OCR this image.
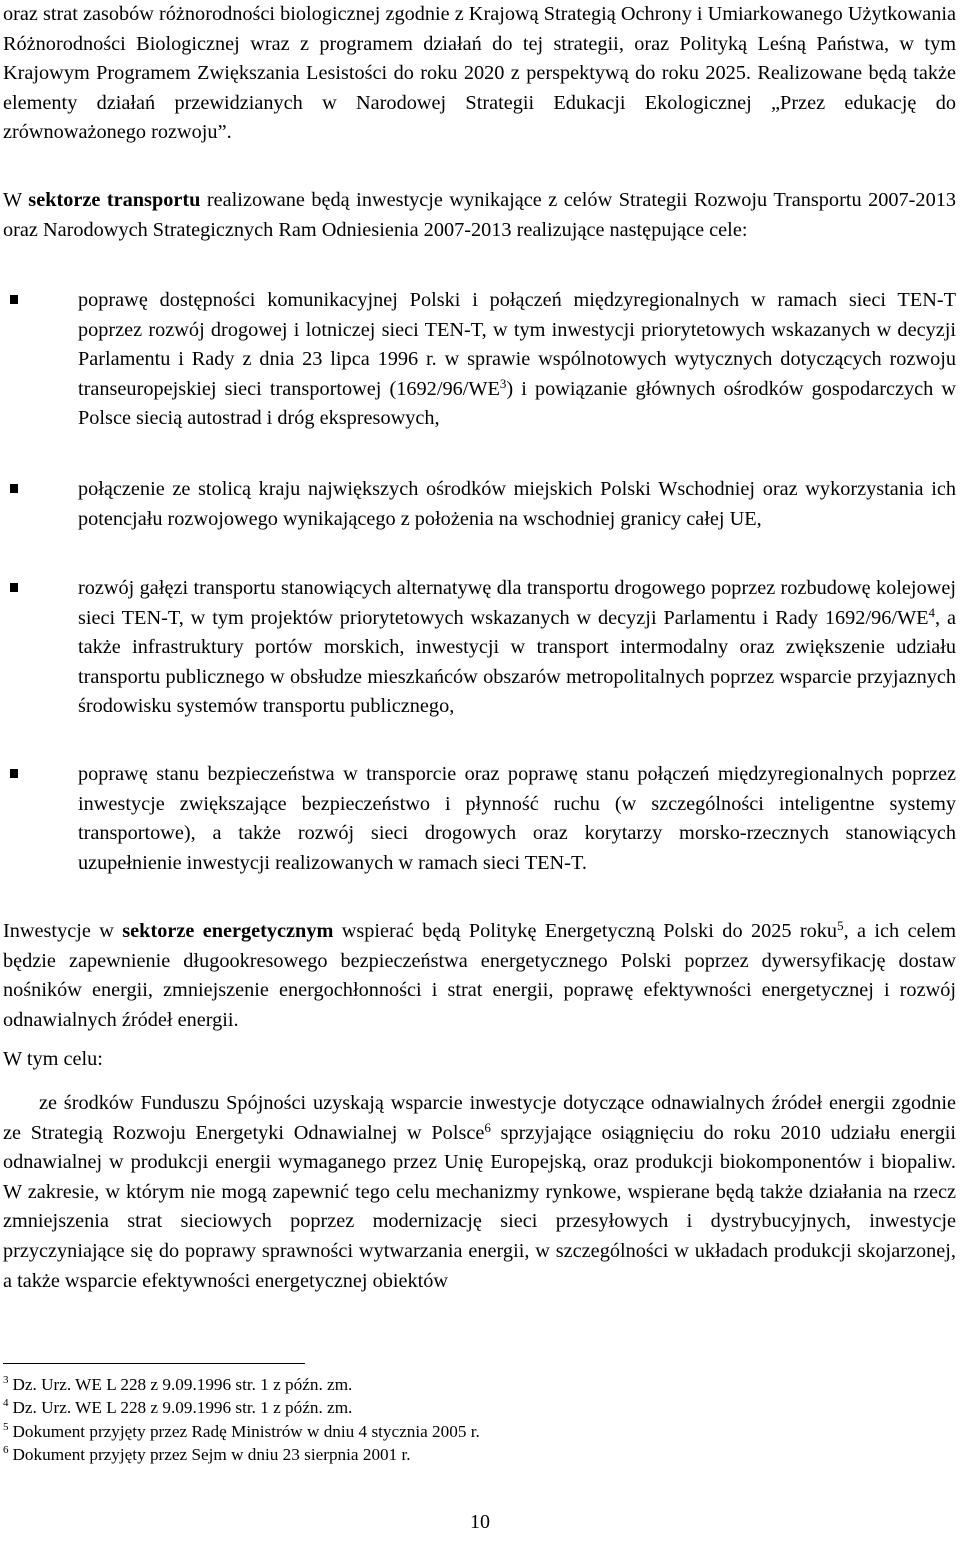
oraz strat zasobów różnorodności biologicznej zgodnie z Krajową Strategią Ochrony i Umiarkowanego Użytkowania Różnorodności Biologicznej wraz z programem działań do tej strategii, oraz Polityką Leśną Państwa, w tym Krajowym Programem Zwiększania Lesistości do roku 2020 z perspektywą do roku 2025. Realizowane będą także elementy działań przewidzianych w Narodowej Strategii Edukacji Ekologicznej „Przez edukację do zrównoważonego rozwoju”.

W sektorze transportu realizowane będą inwestycje wynikające z celów Strategii Rozwoju Transportu 2007-2013 oraz Narodowych Strategicznych Ram Odniesienia 2007-2013 realizujące następujące cele:

poprawę dostępności komunikacyjnej Polski i połączeń międzyregionalnych w ramach sieci TEN-T poprzez rozwój drogowej i lotniczej sieci TEN-T, w tym inwestycji priorytetowych wskazanych w decyzji Parlamentu i Rady z dnia 23 lipca 1996 r. w sprawie wspólnotowych wytycznych dotyczących rozwoju transeuropejskiej sieci transportowej $(1692/96/WE^3)$ i powiązanie głównych ośrodków gospodarczych w Polsce siecią autostrad i dróg ekspresowych,
połączenie ze stolicą kraju największych ośrodków miejskich Polski Wschodniej oraz wykorzystania ich potencjału rozwojowego wynikającego z położenia na wschodniej granicy całej UE,
rozwój gałęzi transportu stanowiących alternatywę dla transportu drogowego poprzez rozbudowę kolejowej sieci TEN-T, w tym projektów priorytetowych wskazanych w decyzji Parlamentu i Rady $1692/96/WE^4$, a także infrastruktury portów morskich, inwestycji w transport intermodalny oraz zwiększenie udziału transportu publicznego w obsłudze mieszkańców obszarów metropolitalnych poprzez wsparcie przyjaznych środowisku systemów transportu publicznego,
poprawę stanu bezpieczeństwa w transporcie oraz poprawę stanu połączeń międzyregionalnych poprzez inwestycje zwiększające bezpieczeństwo i płynność ruchu (w szczególności inteligentne systemy transportowe), a także rozwój sieci drogowych oraz korytarzy morsko-rzecznych stanowiących uzupełnienie inwestycji realizowanych w ramach sieci TEN-T.

Inwestycje w sektorze energetycznym wspierać będą Politykę Energetyczną Polski do 2025 roku$^5$, a ich celem będzie zapewnienie długookresowego bezpieczeństwa energetycznego Polski poprzez dywersyfikację dostaw nośników energii, zmniejszenie energochłonności i strat energii, poprawę efektywności energetycznej i rozwój odnawialnych źródeł energii.

W tym celu:

ze środków Funduszu Spójności uzyskają wsparcie inwestycje dotyczące odnawialnych źródeł energii zgodnie ze Strategią Rozwoju Energetyki Odnawialnej w Polsce$^6$ sprzyjające osiągnięciu do roku 2010 udziału energii odnawialnej w produkcji energii wymaganego przez Unię Europejską, oraz produkcji biokomponentów i biopaliw. W zakresie, w którym nie mogą zapewnić tego celu mechanizmy rynkowe, wspierane będą także działania na rzecz zmniejszenia strat sieciowych poprzez modernizację sieci przesyłowych i dystrybucyjnych, inwestycje przyczyniające się do poprawy sprawności wytwarzania energii, w szczególności w układach produkcji skojarzonej, a także wsparcie efektywności energetycznej obiektów

$^3$ Dz. Urz. WE L 228 z 9.09.1996 str. 1 z późn. zm.
$^4$ Dz. Urz. WE L 228 z 9.09.1996 str. 1 z późn. zm.
$^5$ Dokument przyjęty przez Radę Ministrów w dniu 4 stycznia 2005 r.
$^6$ Dokument przyjęty przez Sejm w dniu 23 sierpnia 2001 r.
10
